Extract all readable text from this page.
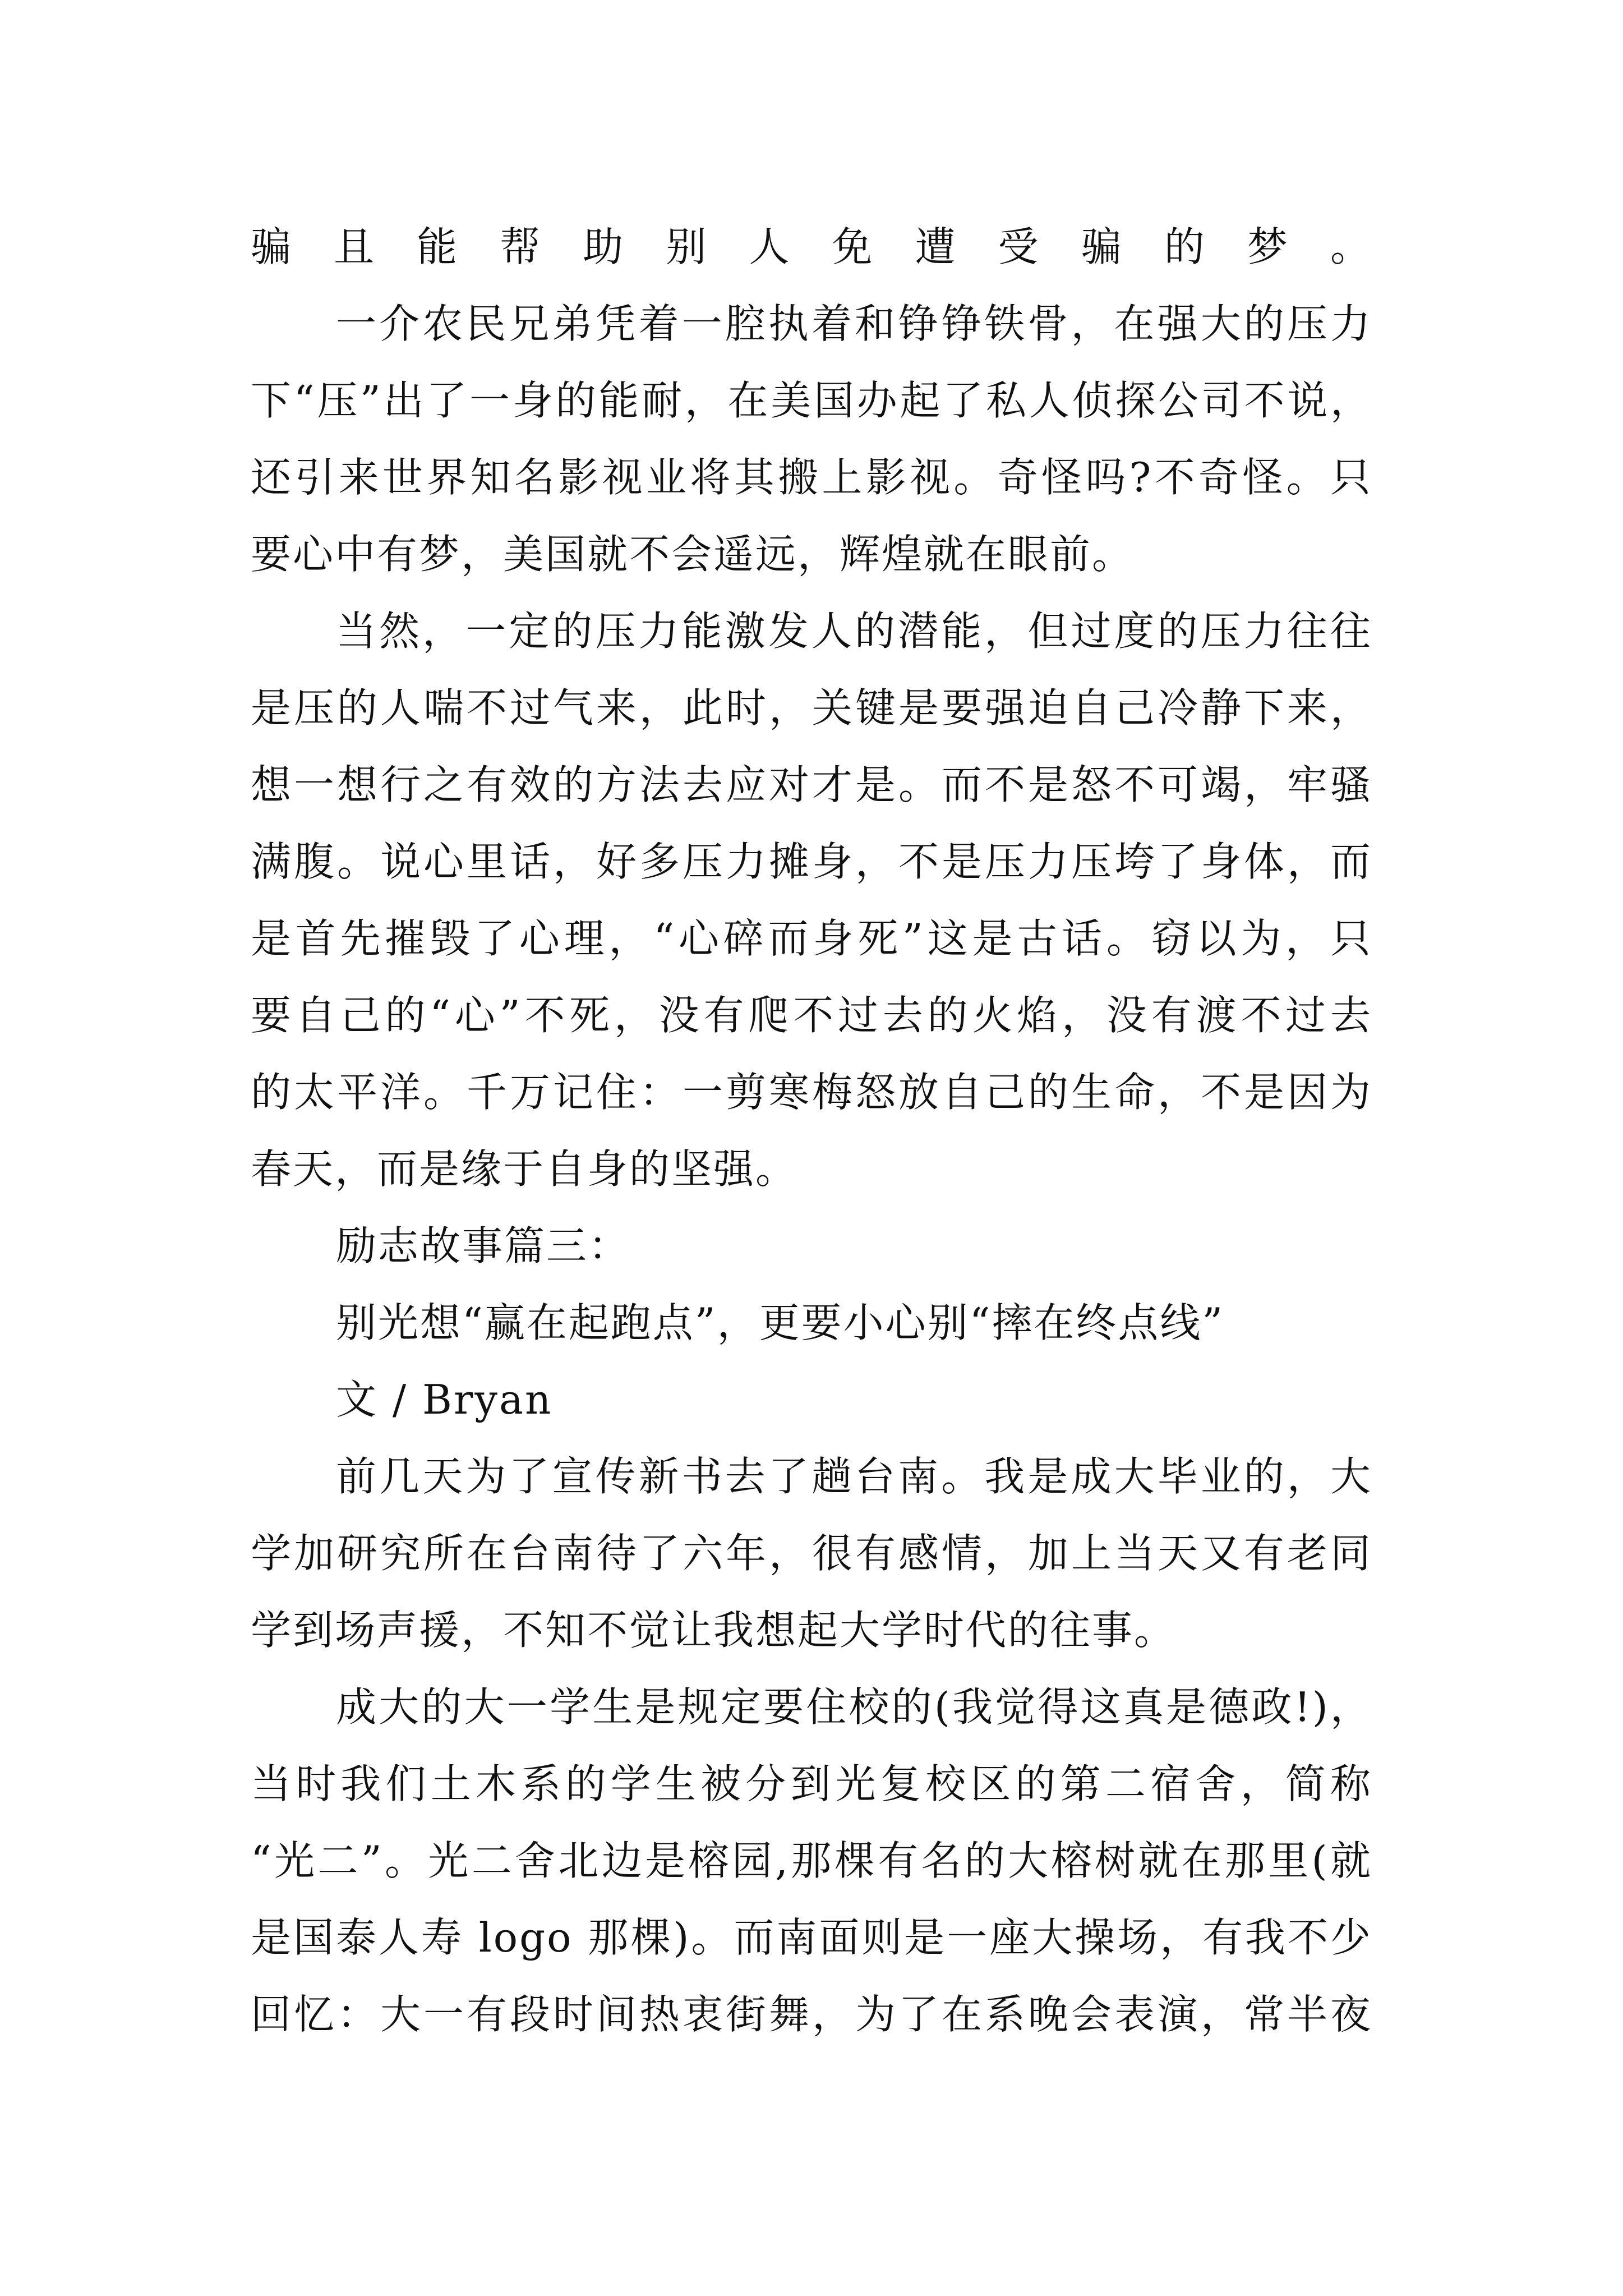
骗且能帮助别人免遭受骗的梦。
一介农民兄弟凭着一腔执着和铮铮铁骨，在强大的压力
下“压”出了一身的能耐，在美国办起了私人侦探公司不说，
还引来世界知名影视业将其搬上影视。奇怪吗?不奇怪。只
要心中有梦，美国就不会遥远，辉煌就在眼前。
当然，一定的压力能激发人的潜能，但过度的压力往往
是压的人喘不过气来，此时，关键是要强迫自己冷静下来，
想一想行之有效的方法去应对才是。而不是怒不可竭，牢骚
满腹。说心里话，好多压力摊身，不是压力压垮了身体，而
是首先摧毁了心理，“心碎而身死”这是古话。窃以为，只
要自己的“心”不死，没有爬不过去的火焰，没有渡不过去
的太平洋。千万记住：一剪寒梅怒放自己的生命，不是因为
春天，而是缘于自身的坚强。
励志故事篇三：
别光想“赢在起跑点”，更要小心别“摔在终点线”
文 / Bryan
前几天为了宣传新书去了趟台南。我是成大毕业的，大
学加研究所在台南待了六年，很有感情，加上当天又有老同
学到场声援，不知不觉让我想起大学时代的往事。
成大的大一学生是规定要住校的(我觉得这真是德政!)，
当时我们土木系的学生被分到光复校区的第二宿舍，简称
“光二”。光二舍北边是榕园,那棵有名的大榕树就在那里(就
是国泰人寿 logo 那棵)。而南面则是一座大操场，有我不少
回忆：大一有段时间热衷街舞，为了在系晚会表演，常半夜
